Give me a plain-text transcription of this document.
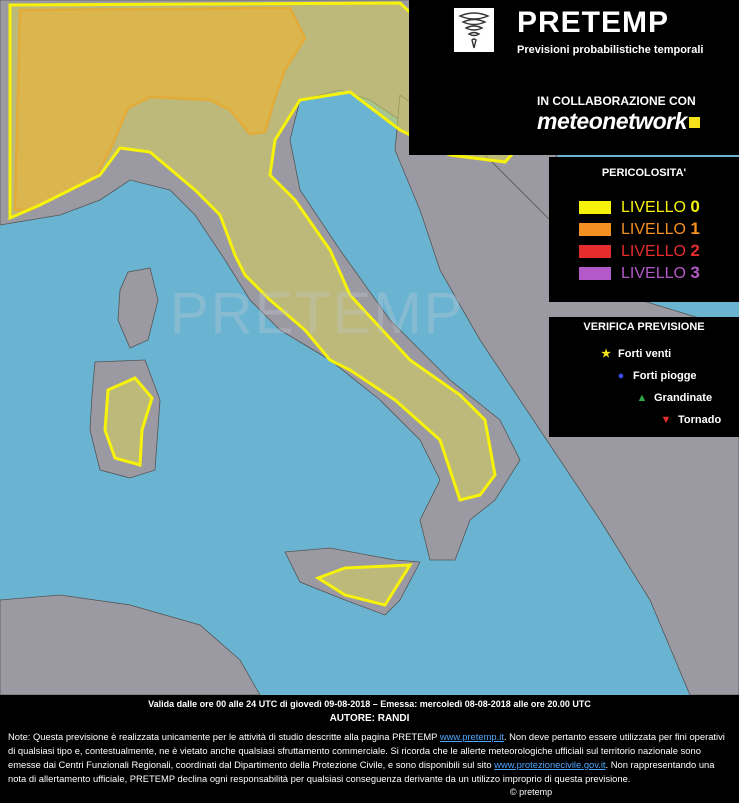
PRETEMP
PRETEMP
Previsioni probabilistiche temporali
IN COLLABORAZIONE CON
meteonetwork
PERICOLOSITA'
LIVELLO 0
LIVELLO 1
LIVELLO 2
LIVELLO 3
VERIFICA PREVISIONE
★ Forti venti
● Forti piogge
▲ Grandinate
▼ Tornado
Valida dalle ore 00 alle 24 UTC di giovedì 09-08-2018 – Emessa: mercoledì 08-08-2018 alle ore 20.00 UTC
AUTORE: RANDI
Note: Questa previsione è realizzata unicamente per le attività di studio descritte alla pagina PRETEMP www.pretemp.it. Non deve pertanto essere utilizzata per fini operativi di qualsiasi tipo e, contestualmente, ne è vietato anche qualsiasi sfruttamento commerciale. Si ricorda che le allerte meteorologiche ufficiali sul territorio nazionale sono emesse dai Centri Funzionali Regionali, coordinati dal Dipartimento della Protezione Civile, e sono disponibili sul sito www.protezionecivile.gov.it. Non rappresentando una nota di allertamento ufficiale, PRETEMP declina ogni responsabilità per qualsiasi conseguenza derivante da un utilizzo improprio di questa previsione.
© pretemp
